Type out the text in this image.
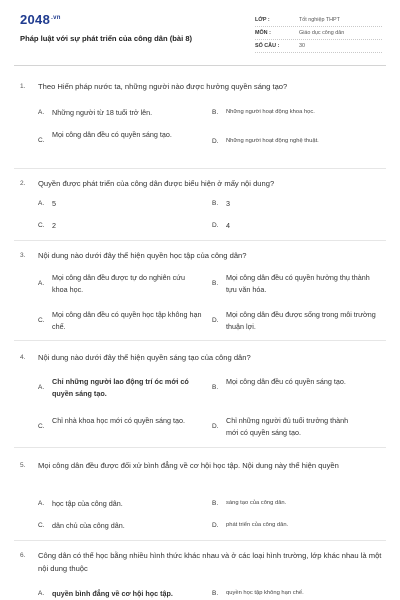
$2048^{.vn}$
Pháp luật với sự phát triển của công dân (bài 8)
LỚP :	Tốt nghiệp THPT
MÔN :	Giáo dục công dân
SỐ CÂU :	30
1. Theo Hiến pháp nước ta, những người nào được hưởng quyền sáng tạo?
A. Những người từ 18 tuổi trở lên.	B. Những người hoạt động khoa học.
C.
Mọi công dân đều có quyền sáng tạo.
D. Những người hoạt động nghệ thuật.
2. Quyền được phát triển của công dân được biểu hiện ở mấy nội dung?
A. 5	B. 3
C. 2	D. 4
3. Nội dung nào dưới đây thể hiện quyền học tập của công dân?
A.
Mọi công dân đều được tự do nghiên cứu khoa học.
B.
Mọi công dân đều có quyền hưởng thụ thành tựu văn hóa.
C.
Mọi công dân đều có quyền học tập không hạn chế.
D.
Mọi công dân đều được sống trong môi trường thuận lợi.
4. Nội dung nào dưới đây thể hiện quyền sáng tạo của công dân?
A.
Chỉ những người lao động trí óc mới có quyền sáng tạo.
B.
Mọi công dân đều có quyền sáng tạo.
C.
Chỉ nhà khoa học mới có quyền sáng tạo.
D.
Chỉ những người đủ tuổi trưởng thành mới có quyền sáng tạo.
5. Mọi công dân đều được đối xử bình đẳng về cơ hội học tập. Nội dung này thể hiện quyền
A. học tập của công dân.	B. sáng tạo của công dân.
C. dân chủ của công dân.	D. phát triển của công dân.
6. Công dân có thể học bằng nhiều hình thức khác nhau và ở các loại hình trường, lớp khác nhau là một nội dung thuộc
A. quyền bình đẳng về cơ hội học tập.	B. quyền học tập không hạn chế.
